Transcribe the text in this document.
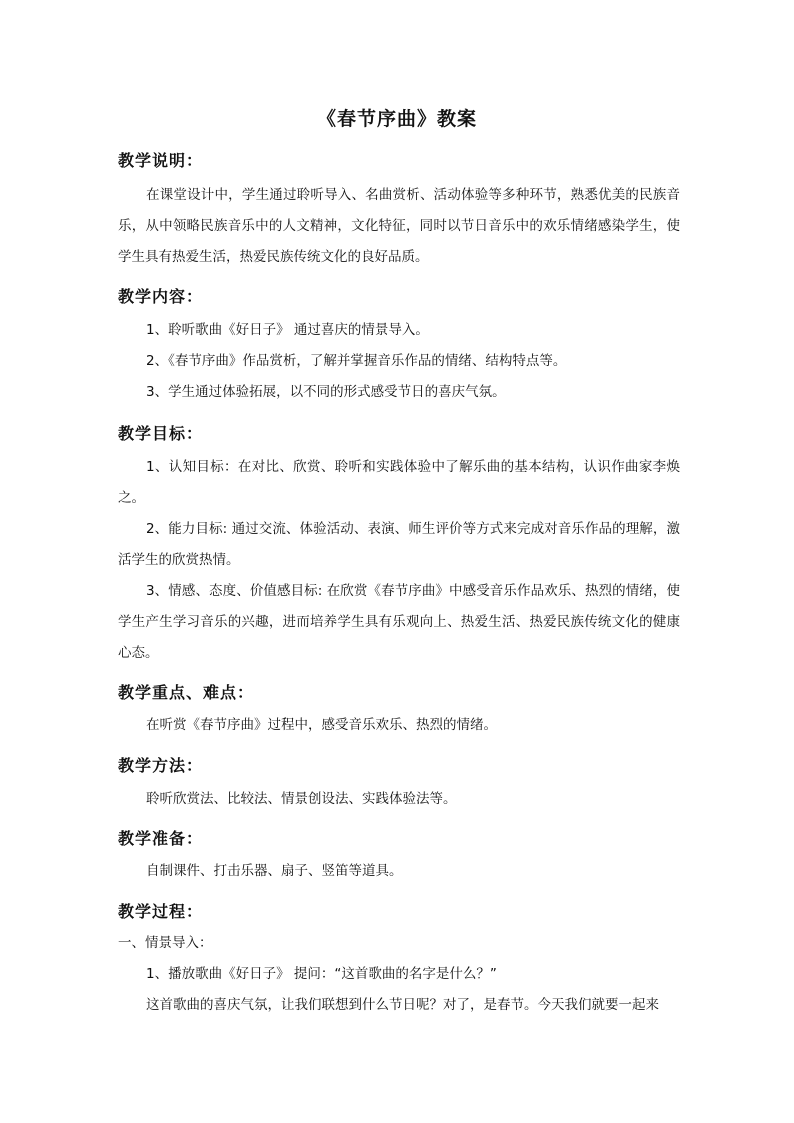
《春节序曲》教案
教学说明：
在课堂设计中，学生通过聆听导入、名曲赏析、活动体验等多种环节，熟悉优美的民族音乐，从中领略民族音乐中的人文精神，文化特征，同时以节日音乐中的欢乐情绪感染学生，使学生具有热爱生活，热爱民族传统文化的良好品质。
教学内容：
1、聆听歌曲《好日子》 通过喜庆的情景导入。
2、《春节序曲》作品赏析，了解并掌握音乐作品的情绪、结构特点等。
3、学生通过体验拓展，以不同的形式感受节日的喜庆气氛。
教学目标：
1、认知目标：在对比、欣赏、聆听和实践体验中了解乐曲的基本结构，认识作曲家李焕之。
2、能力目标: 通过交流、体验活动、表演、师生评价等方式来完成对音乐作品的理解，激活学生的欣赏热情。
3、情感、态度、价值感目标: 在欣赏《春节序曲》中感受音乐作品欢乐、热烈的情绪，使学生产生学习音乐的兴趣，进而培养学生具有乐观向上、热爱生活、热爱民族传统文化的健康心态。
教学重点、难点：
在听赏《春节序曲》过程中，感受音乐欢乐、热烈的情绪。
教学方法：
聆听欣赏法、比较法、情景创设法、实践体验法等。
教学准备：
自制课件、打击乐器、扇子、竖笛等道具。
教学过程：
一、情景导入：
1、播放歌曲《好日子》 提问：“这首歌曲的名字是什么？”
这首歌曲的喜庆气氛，让我们联想到什么节日呢？对了，是春节。今天我们就要一起来
